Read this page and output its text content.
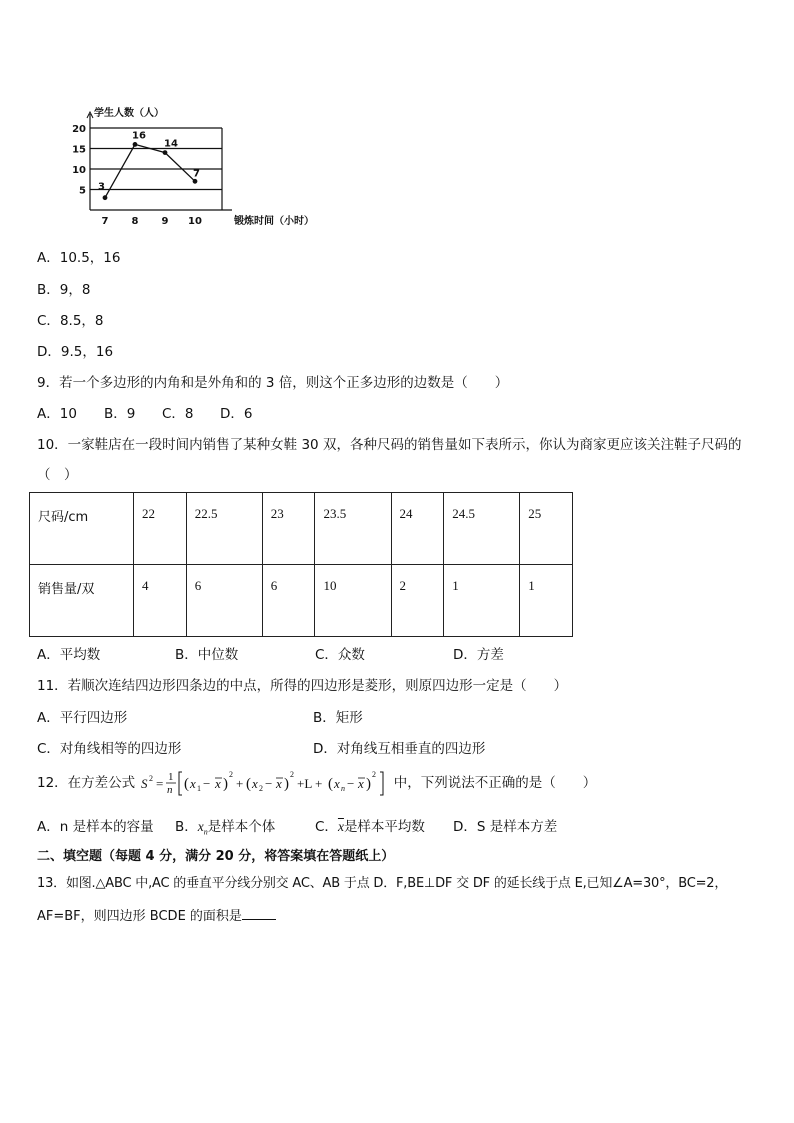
5
10
15
20
7 8 9 10
学生人数（人）
锻炼时间（小时）
3
16
14
7
A．10.5，16
B．9，8
C．8.5，8
D．9.5，16
9．若一个多边形的内角和是外角和的 3 倍，则这个正多边形的边数是（　　）
A．10 B．9 C．8 D．6
10．一家鞋店在一段时间内销售了某种女鞋 30 双，各种尺码的销售量如下表所示，你认为商家更应该关注鞋子尺码的
（　）
尺码/cm	22	22.5	23	23.5	24	24.5	25
销售量/双	4	6	6	10	2	1	1
A．平均数	B．中位数	C．众数	D．方差
11．若顺次连结四边形四条边的中点，所得的四边形是菱形，则原四边形一定是（　　）
A．平行四边形	B．矩形
C．对角线相等的四边形	D．对角线互相垂直的四边形
12．在方差公式 S 2 = 1
n ( x 1 − x )
2
+ ( x 2 − x )
2
+L + ( x n − x )
2
中，下列说法不正确的是（　　）
A．n 是样本的容量 B．$x_n$是样本个体	C．$\overline{x}$是样本平均数 D．S 是样本方差
二、填空题（每题 4 分，满分 20 分，将答案填在答题纸上）
13．如图.△ABC 中,AC 的垂直平分线分别交 AC、AB 于点 D．F,BE⊥DF 交 DF 的延长线于点 E,已知∠A=30°，BC=2，
AF=BF，则四边形 BCDE 的面积是
